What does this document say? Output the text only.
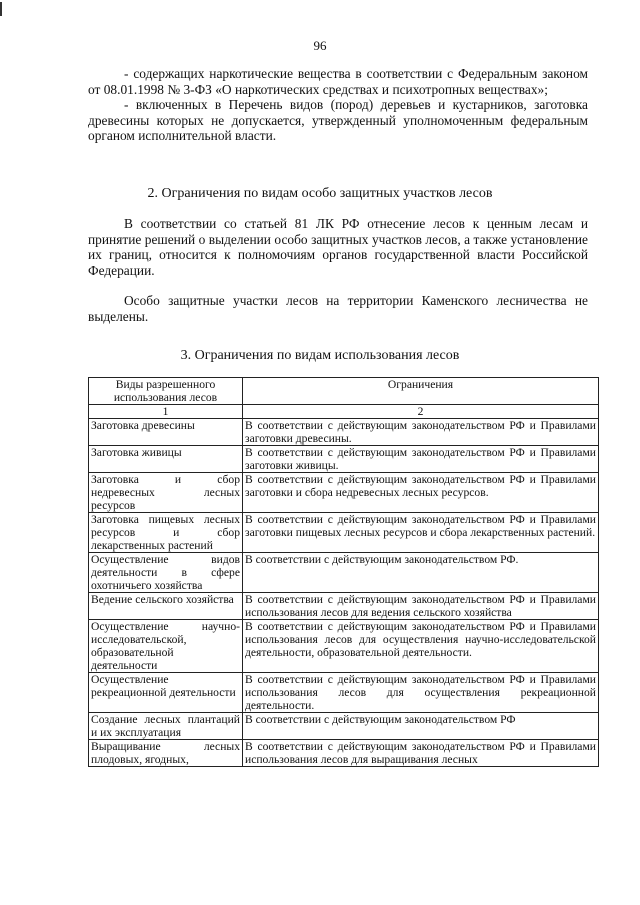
96

- содержащих наркотические вещества в соответствии с Федеральным законом от 08.01.1998 № 3-ФЗ «О наркотических средствах и психотропных веществах»;

- включенных в Перечень видов (пород) деревьев и кустарников, заготовка древесины которых не допускается, утвержденный уполномоченным федеральным органом исполнительной власти.

2. Ограничения по видам особо защитных участков лесов

В соответствии со статьей 81 ЛК РФ отнесение лесов к ценным лесам и принятие решений о выделении особо защитных участков лесов, а также установление их границ, относится к полномочиям органов государственной власти Российской Федерации.

Особо защитные участки лесов на территории Каменского лесничества не выделены.

3. Ограничения по видам использования лесов
Виды разрешенного использования лесов	Ограничения
1	2
Заготовка древесины	В соответствии с действующим законодательством РФ и Правилами заготовки древесины.
Заготовка живицы	В соответствии с действующим законодательством РФ и Правилами заготовки живицы.
Заготовка и сбор недревесных лесных ресурсов	В соответствии с действующим законодательством РФ и Правилами заготовки и сбора недревесных лесных ресурсов.
Заготовка пищевых лесных ресурсов и сбор лекарственных растений	В соответствии с действующим законодательством РФ и Правилами заготовки пищевых лесных ресурсов и сбора лекарственных растений.
Осуществление видов деятельности в сфере охотничьего хозяйства	В соответствии с действующим законодательством РФ.
Ведение сельского хозяйства	В соответствии с действующим законодательством РФ и Правилами использования лесов для ведения сельского хозяйства
Осуществление научно-исследовательской, образовательной деятельности	В соответствии с действующим законодательством РФ и Правилами использования лесов для осуществления научно-исследовательской деятельности, образовательной деятельности.
Осуществление рекреационной деятельности	В соответствии с действующим законодательством РФ и Правилами использования лесов для осуществления рекреационной деятельности.
Создание лесных плантаций и их эксплуатация	В соответствии с действующим законодательством РФ
Выращивание лесных плодовых, ягодных,	В соответствии с действующим законодательством РФ и Правилами использования лесов для выращивания лесных
